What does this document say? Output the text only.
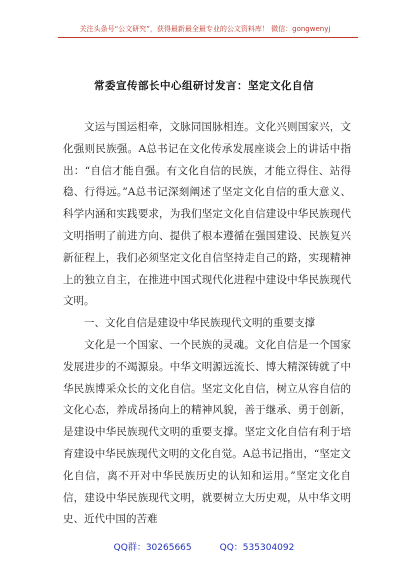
关注头条号“公文研究”，获得最新最全最专业的公文资料库！ 微信：gongwenyj
常委宣传部长中心组研讨发言：坚定文化自信

文运与国运相牵，文脉同国脉相连。文化兴则国家兴，文化强则民族强。A总书记在文化传承发展座谈会上的讲话中指出：“自信才能自强。有文化自信的民族，才能立得住、站得稳、行得远。”A总书记深刻阐述了坚定文化自信的重大意义、科学内涵和实践要求，为我们坚定文化自信建设中华民族现代文明指明了前进方向、提供了根本遵循在强国建设、民族复兴新征程上，我们必须坚定文化自信坚持走自己的路，实现精神上的独立自主，在推进中国式现代化进程中建设中华民族现代文明。

一、文化自信是建设中华民族现代文明的重要支撑

文化是一个国家、一个民族的灵魂。文化自信是一个国家发展进步的不竭源泉。中华文明源远流长、博大精深铸就了中华民族博采众长的文化自信。坚定文化自信，树立从容自信的文化心态，养成昂扬向上的精神风貌，善于继承、勇于创新，是建设中华民族现代文明的重要支撑。坚定文化自信有利于培育建设中华民族现代文明的文化自觉。A总书记指出，“坚定文化自信，离不开对中华民族历史的认知和运用。”坚定文化自信，建设中华民族现代文明，就要树立大历史观，从中华文明史、近代中国的苦难

QQ群：30265665	QQ：535304092
